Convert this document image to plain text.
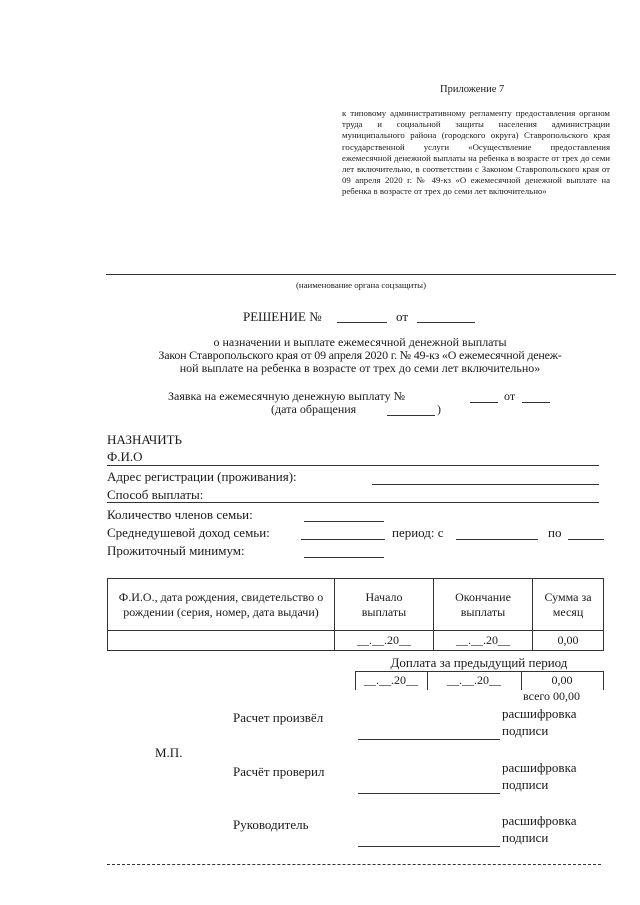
Приложение 7
к типовому административному регламенту предоставления органом труда и социальной защиты населения администрации муниципального района (городского округа) Ставропольского края государственной услуги «Осуществление предоставления ежемесячной денежной выплаты на ребенка в возрасте от трех до семи лет включительно, в соответствии с Законом Ставропольского края от 09 апреля 2020 г. № 49-кз «О ежемесячной денежной выплате на ребенка в возрасте от трех до семи лет включительно»
(наименование органа соцзащиты)
РЕШЕНИЕ №	от
о назначении и выплате ежемесячной денежной выплаты
Закон Ставропольского края от 09 апреля 2020 г. № 49-кз «О ежемесячной денеж-
ной выплате на ребенка в возрасте от трех до семи лет включительно»
Заявка на ежемесячную денежную выплату №	от
(дата обращения	)
НАЗНАЧИТЬ
Ф.И.О
Адрес регистрации (проживания):
Способ выплаты:
Количество членов семьи:
Среднедушевой доход семьи:	период: с	по
Прожиточный минимум:
Ф.И.О., дата рождения, свидетельство о рождении (серия, номер, дата выдачи)	Начало выплаты	Окончание выплаты	Сумма за месяц
	__.__.20__	__.__.20__	0,00
Доплата за предыдущий период
__.__.20__	__.__.20__	0,00
всего 00,00
Расчет произвёл	расшифровка
подписи
М.П.
Расчёт проверил	расшифровка
подписи
Руководитель	расшифровка
подписи
